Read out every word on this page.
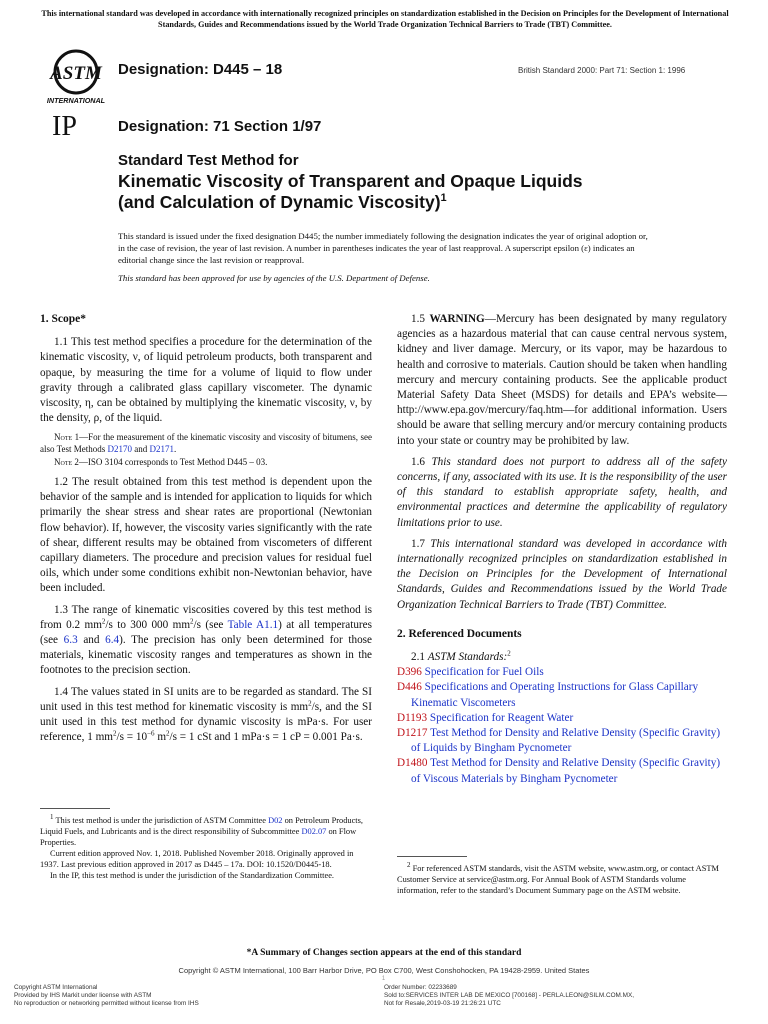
This international standard was developed in accordance with internationally recognized principles on standardization established in the Decision on Principles for the Development of International Standards, Guides and Recommendations issued by the World Trade Organization Technical Barriers to Trade (TBT) Committee.
ASTM
INTERNATIONAL
IP
Designation: D445 – 18	British Standard 2000: Part 71: Section 1: 1996
Designation: 71 Section 1/97
Standard Test Method for
Kinematic Viscosity of Transparent and Opaque Liquids
(and Calculation of Dynamic Viscosity)$^1$

This standard is issued under the fixed designation D445; the number immediately following the designation indicates the year of original adoption or, in the case of revision, the year of last revision. A number in parentheses indicates the year of last reapproval. A superscript epsilon (ε) indicates an editorial change since the last revision or reapproval.

This standard has been approved for use by agencies of the U.S. Department of Defense.

1. Scope*

1.1 This test method specifies a procedure for the determination of the kinematic viscosity, ν, of liquid petroleum products, both transparent and opaque, by measuring the time for a volume of liquid to flow under gravity through a calibrated glass capillary viscometer. The dynamic viscosity, η, can be obtained by multiplying the kinematic viscosity, ν, by the density, ρ, of the liquid.

Note 1—For the measurement of the kinematic viscosity and viscosity of bitumens, see also Test Methods D2170 and D2171.

Note 2—ISO 3104 corresponds to Test Method D445 – 03.

1.2 The result obtained from this test method is dependent upon the behavior of the sample and is intended for application to liquids for which primarily the shear stress and shear rates are proportional (Newtonian flow behavior). If, however, the viscosity varies significantly with the rate of shear, different results may be obtained from viscometers of different capillary diameters. The procedure and precision values for residual fuel oils, which under some conditions exhibit non-Newtonian behavior, have been included.

1.3 The range of kinematic viscosities covered by this test method is from 0.2 $mm^2/s$ to 300 000 $mm^2/s$ (see Table A1.1) at all temperatures (see 6.3 and 6.4). The precision has only been determined for those materials, kinematic viscosity ranges and temperatures as shown in the footnotes to the precision section.

1.4 The values stated in SI units are to be regarded as standard. The SI unit used in this test method for kinematic viscosity is $mm^2/s$, and the SI unit used in this test method for dynamic viscosity is mPa·s. For user reference, 1 $mm^2/s = 10^{-6}$ $m^2/s = 1$ cSt and 1 mPa·s = 1 cP = 0.001 Pa·s.

$^1$ This test method is under the jurisdiction of ASTM Committee D02 on Petroleum Products, Liquid Fuels, and Lubricants and is the direct responsibility of Subcommittee D02.07 on Flow Properties.

Current edition approved Nov. 1, 2018. Published November 2018. Originally approved in 1937. Last previous edition approved in 2017 as D445 – 17a. DOI: 10.1520/D0445-18.

In the IP, this test method is under the jurisdiction of the Standardization Committee.

1.5 WARNING—Mercury has been designated by many regulatory agencies as a hazardous material that can cause central nervous system, kidney and liver damage. Mercury, or its vapor, may be hazardous to health and corrosive to materials. Caution should be taken when handling mercury and mercury containing products. See the applicable product Material Safety Data Sheet (MSDS) for details and EPA’s website—http://www.epa.gov/mercury/faq.htm—for additional information. Users should be aware that selling mercury and/or mercury containing products into your state or country may be prohibited by law.

1.6 This standard does not purport to address all of the safety concerns, if any, associated with its use. It is the responsibility of the user of this standard to establish appropriate safety, health, and environmental practices and determine the applicability of regulatory limitations prior to use.

1.7 This international standard was developed in accordance with internationally recognized principles on standardization established in the Decision on Principles for the Development of International Standards, Guides and Recommendations issued by the World Trade Organization Technical Barriers to Trade (TBT) Committee.

2. Referenced Documents

2.1 ASTM Standards:$^2$

D396 Specification for Fuel Oils

D446 Specifications and Operating Instructions for Glass Capillary Kinematic Viscometers

D1193 Specification for Reagent Water

D1217 Test Method for Density and Relative Density (Specific Gravity) of Liquids by Bingham Pycnometer

D1480 Test Method for Density and Relative Density (Specific Gravity) of Viscous Materials by Bingham Pycnometer

$^2$ For referenced ASTM standards, visit the ASTM website, www.astm.org, or contact ASTM Customer Service at service@astm.org. For Annual Book of ASTM Standards volume information, refer to the standard’s Document Summary page on the ASTM website.

*A Summary of Changes section appears at the end of this standard
Copyright © ASTM International, 100 Barr Harbor Drive, PO Box C700, West Conshohocken, PA 19428-2959. United States
1
Copyright ASTM International
Provided by IHS Markit under license with ASTM
No reproduction or networking permitted without license from IHS
Order Number: 02233689
Sold to:SERVICES INTER LAB DE MEXICO [700168] - PERLA.LEON@SILM.COM.MX,
Not for Resale,2019-03-19 21:26:21 UTC
